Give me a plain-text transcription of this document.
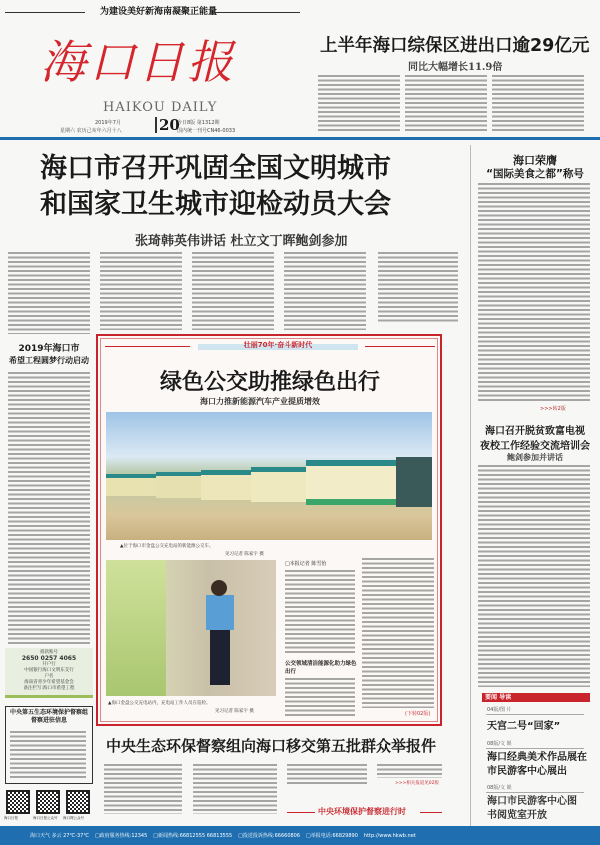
为建设美好新海南凝聚正能量
海口日报
HAIKOU DAILY
2019年7月
星期六 农历己亥年六月十八 20
今日8版 第1312期
国内统一刊号CN46-0033
上半年海口综保区进出口逾29亿元
同比大幅增长11.9倍
海口市召开巩固全国文明城市
和国家卫生城市迎检动员大会
张琦韩英伟讲话 杜立文丁晖鲍剑参加
海口荣膺
“国际美食之都”称号
>>>转2版
海口召开脱贫致富电视
夜校工作经验交流培训会
鲍剑参加并讲话
要闻 导读
04版/图 片
天宫二号“回家”
08版/文 娱
海口经典美术作品展在市民游客中心展出
08版/文 娱
海口市民游客中心图书阅览室开放
2019年海口市
希望工程圆梦行动启动
捐款账号
2650 0257 4065
开户行
中国银行海口文明东支行
户名
海南省青少年希望基金会
备注栏写:海口市希望工程
中央第五生态环境保护督察组督察进驻信息
海口日报	海口日报公众号 海口网公众号
壮丽70年·奋斗新时代
绿色公交助推绿色出行
海口力推新能源汽车产业提质增效
▲位于海口市金盘公交充电站的新能源公交车。
见习记者 陈家宇 摄
▲海口金盘公交充电站内，充电站工作人员在巡检。
见习记者 陈家宇 摄
□本报记者 陈雪怡
公交领域清洁能源化助力绿色出行
(下转02版)
中央生态环保督察组向海口移交第五批群众举报件
>>>相关报道见02版
中央环境保护督察进行时
海口天气 多云 27℃-37℃ □政府服务热线:12345 □新闻热线:66812555 66813555 □投送投诉热线:66660806 □举报电话:66829890 http://www.hkwb.net
